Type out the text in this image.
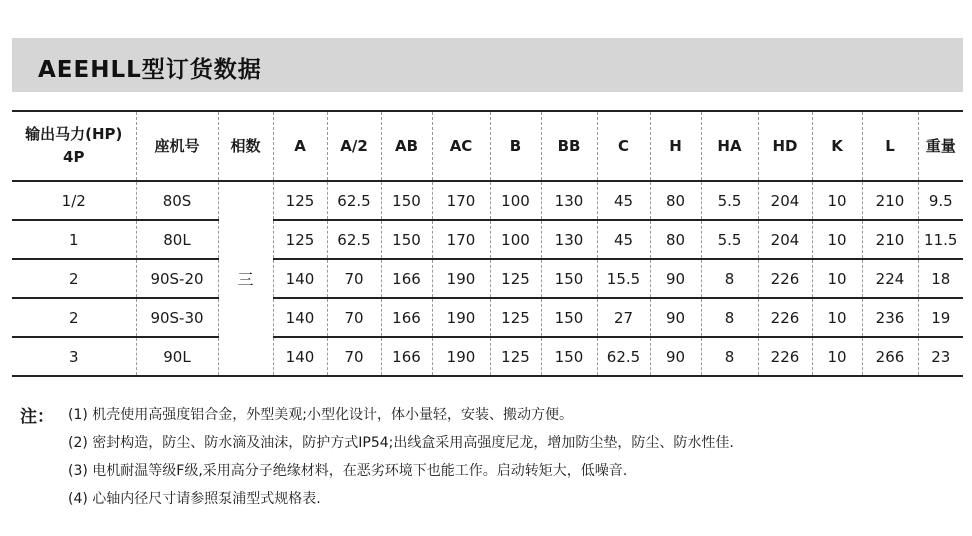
AEEHLL型订货数据
输出马力(HP)
4P	座机号	相数	A	A/2	AB	AC	B	BB	C	H	HA	HD	K	L	重量
1/2	80S	三	125	62.5	150	170	100	130	45	80	5.5	204	10	210	9.5
1	80L		125	62.5	150	170	100	130	45	80	5.5	204	10	210	11.5
2	90S-20		140	70	166	190	125	150	15.5	90	8	226	10	224	18
2	90S-30		140	70	166	190	125	150	27	90	8	226	10	236	19
3	90L		140	70	166	190	125	150	62.5	90	8	226	10	266	23
注： (1) 机壳使用高强度铝合金，外型美观;小型化设计，体小量轻，安装、搬动方便。
(2) 密封构造，防尘、防水滴及油沫，防护方式IP54;出线盒采用高强度尼龙，增加防尘垫，防尘、防水性佳.
(3) 电机耐温等级F级,采用高分子绝缘材料，在恶劣环境下也能工作。启动转矩大，低噪音.
(4) 心轴内径尺寸请参照泵浦型式规格表.
